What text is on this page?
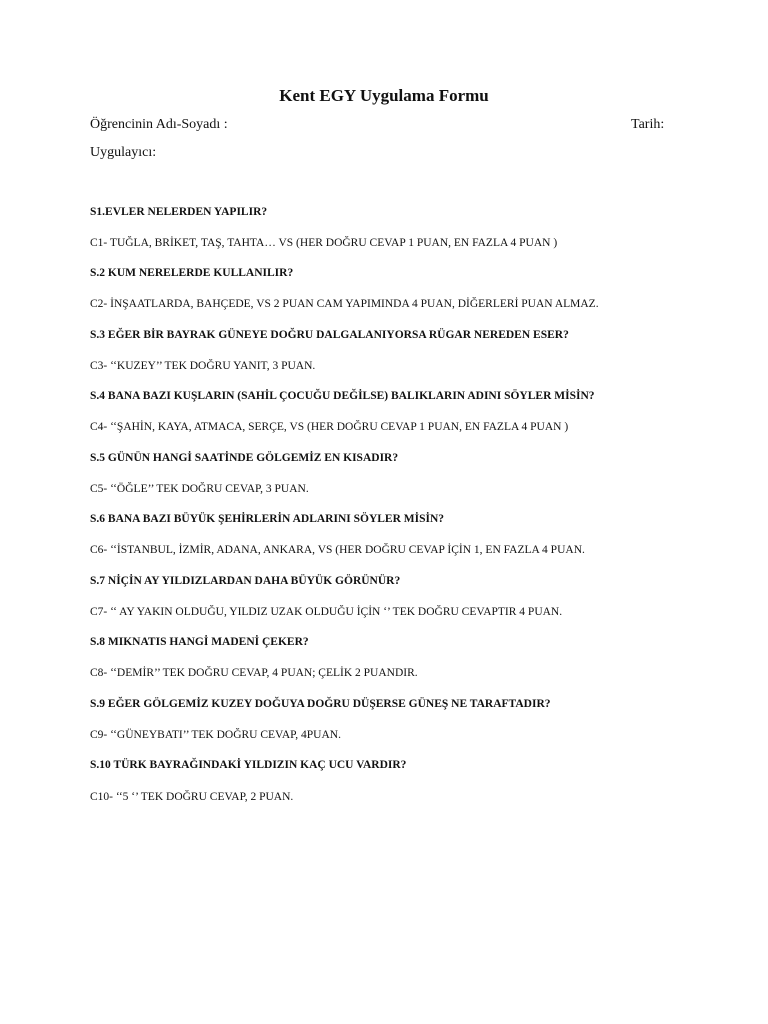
Kent EGY Uygulama Formu
Öğrencinin Adı-Soyadı :	Tarih:
Uygulayıcı:
S1.EVLER NELERDEN YAPILIR?
C1- TUĞLA, BRİKET, TAŞ, TAHTA… VS (HER DOĞRU CEVAP 1 PUAN, EN FAZLA 4 PUAN )
S.2 KUM NERELERDE KULLANILIR?
C2- İNŞAATLARDA, BAHÇEDE, VS 2 PUAN CAM YAPIMINDA 4 PUAN, DİĞERLERİ PUAN ALMAZ.
S.3 EĞER BİR BAYRAK GÜNEYE DOĞRU DALGALANIYORSA RÜGAR NEREDEN ESER?
C3- ‘‘KUZEY’’ TEK DOĞRU YANIT, 3 PUAN.
S.4 BANA BAZI KUŞLARIN (SAHİL ÇOCUĞU DEĞİLSE) BALIKLARIN ADINI SÖYLER MİSİN?
C4- ‘‘ŞAHİN, KAYA, ATMACA, SERÇE, VS (HER DOĞRU CEVAP 1 PUAN, EN FAZLA 4 PUAN )
S.5 GÜNÜN HANGİ SAATİNDE GÖLGEMİZ EN KISADIR?
C5- ‘‘ÖĞLE’’ TEK DOĞRU CEVAP, 3 PUAN.
S.6 BANA BAZI BÜYÜK ŞEHİRLERİN ADLARINI SÖYLER MİSİN?
C6- ‘‘İSTANBUL, İZMİR, ADANA, ANKARA, VS (HER DOĞRU CEVAP İÇİN 1, EN FAZLA 4 PUAN.
S.7 NİÇİN AY YILDIZLARDAN DAHA BÜYÜK GÖRÜNÜR?
C7- ‘‘ AY YAKIN OLDUĞU, YILDIZ UZAK OLDUĞU İÇİN ‘’ TEK DOĞRU CEVAPTIR 4 PUAN.
S.8 MIKNATIS HANGİ MADENİ ÇEKER?
C8- ‘‘DEMİR’’ TEK DOĞRU CEVAP, 4 PUAN; ÇELİK 2 PUANDIR.
S.9 EĞER GÖLGEMİZ KUZEY DOĞUYA DOĞRU DÜŞERSE GÜNEŞ NE TARAFTADIR?
C9- ‘‘GÜNEYBATI’’ TEK DOĞRU CEVAP, 4PUAN.
S.10 TÜRK BAYRAĞINDAKİ YILDIZIN KAÇ UCU VARDIR?
C10- ‘‘5 ‘’ TEK DOĞRU CEVAP, 2 PUAN.
